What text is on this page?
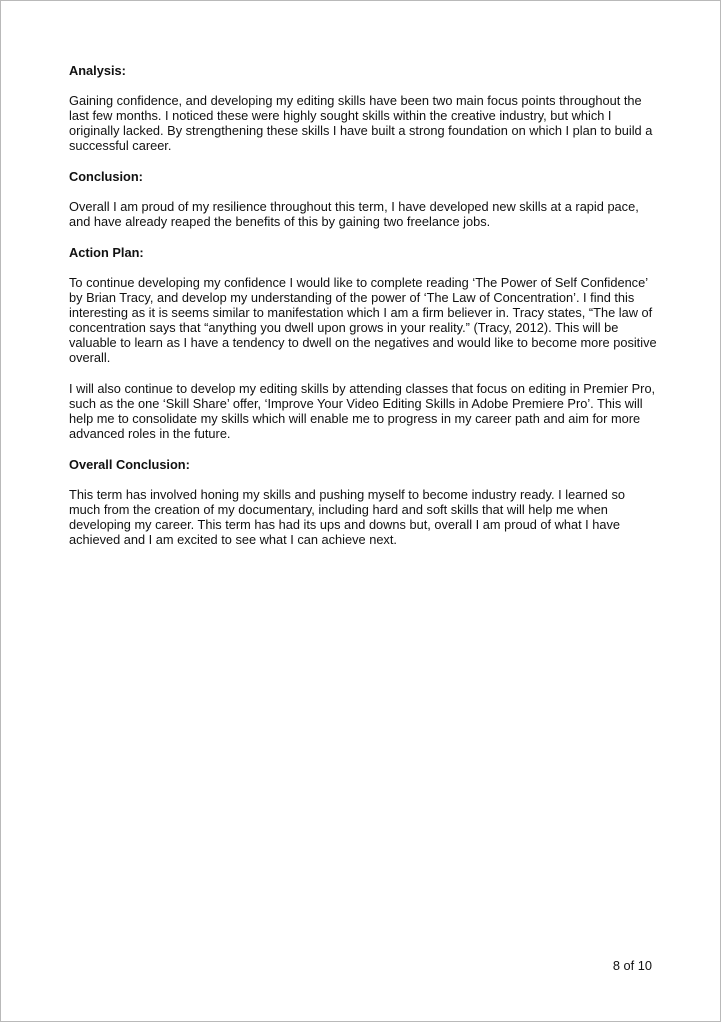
Analysis:

Gaining confidence, and developing my editing skills have been two main focus points throughout the last few months. I noticed these were highly sought skills within the creative industry, but which I originally lacked. By strengthening these skills I have built a strong foundation on which I plan to build a successful career.

Conclusion:

Overall I am proud of my resilience throughout this term, I have developed new skills at a rapid pace, and have already reaped the benefits of this by gaining two freelance jobs.

Action Plan:

To continue developing my confidence I would like to complete reading ‘The Power of Self Confidence’ by Brian Tracy, and develop my understanding of the power of ‘The Law of Concentration’. I find this interesting as it is seems similar to manifestation which I am a firm believer in. Tracy states, “The law of concentration says that “anything you dwell upon grows in your reality.” (Tracy, 2012). This will be valuable to learn as I have a tendency to dwell on the negatives and would like to become more positive overall.

I will also continue to develop my editing skills by attending classes that focus on editing in Premier Pro, such as the one ‘Skill Share’ offer, ‘Improve Your Video Editing Skills in Adobe Premiere Pro’. This will help me to consolidate my skills which will enable me to progress in my career path and aim for more advanced roles in the future.

Overall Conclusion:

This term has involved honing my skills and pushing myself to become industry ready. I learned so much from the creation of my documentary, including hard and soft skills that will help me when developing my career. This term has had its ups and downs but, overall I am proud of what I have achieved and I am excited to see what I can achieve next.

8 of 10
